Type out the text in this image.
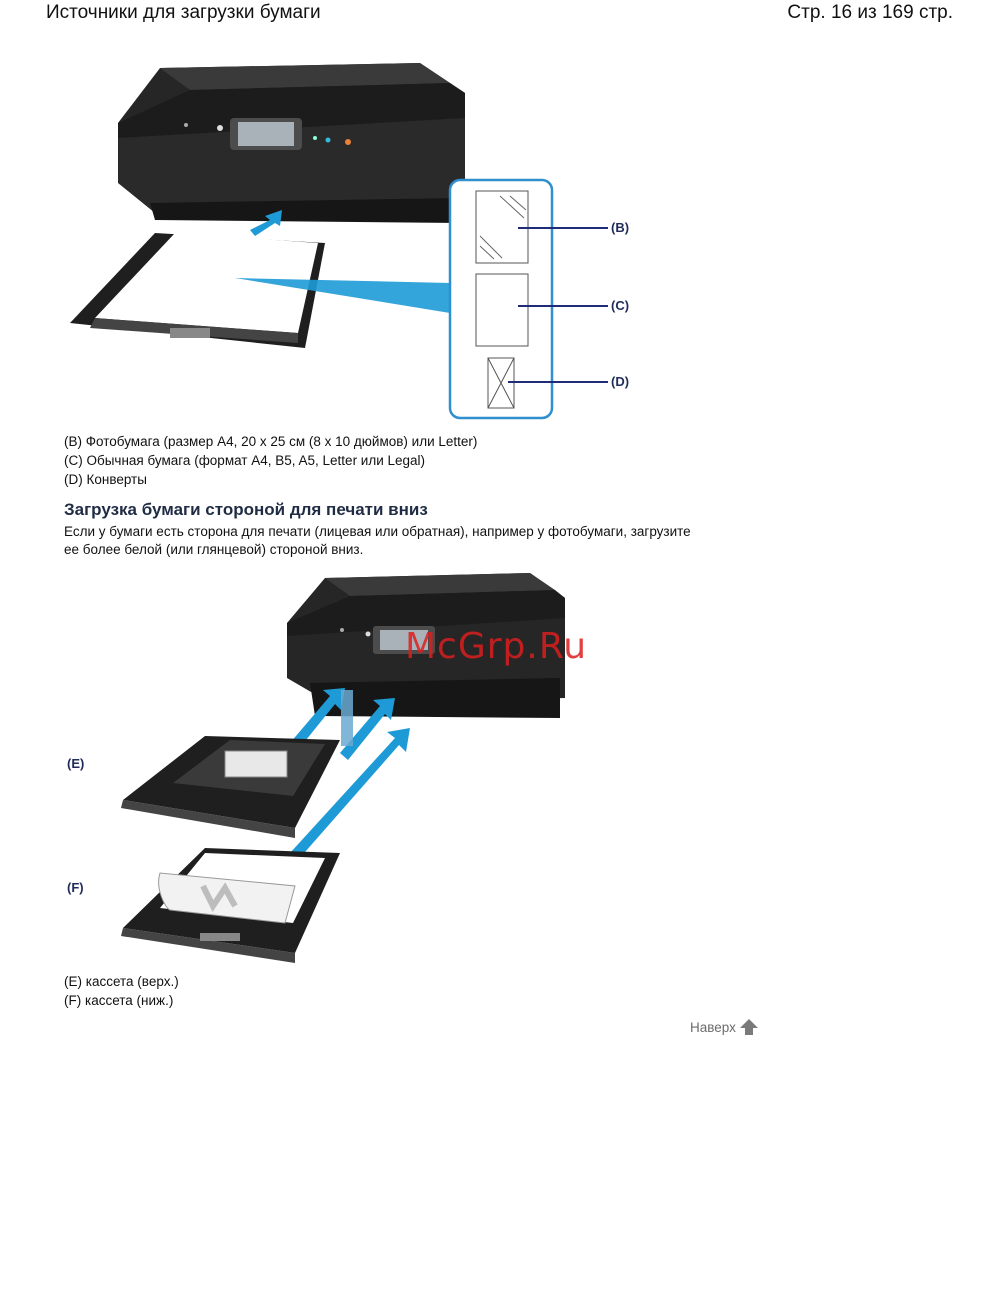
Источники для загрузки бумаги	Стр. 16 из 169 стр.
(B)
(C)
(D)
(B) Фотобумага (размер A4, 20 x 25 см (8 x 10 дюймов) или Letter)
(C) Обычная бумага (формат A4, B5, A5, Letter или Legal)
(D) Конверты
Загрузка бумаги стороной для печати вниз
Если у бумаги есть сторона для печати (лицевая или обратная), например у фотобумаги, загрузите
ее более белой (или глянцевой) стороной вниз.
(E)
(F)
McGrp.Ru
(E) кассета (верх.)
(F) кассета (ниж.)
Наверх
